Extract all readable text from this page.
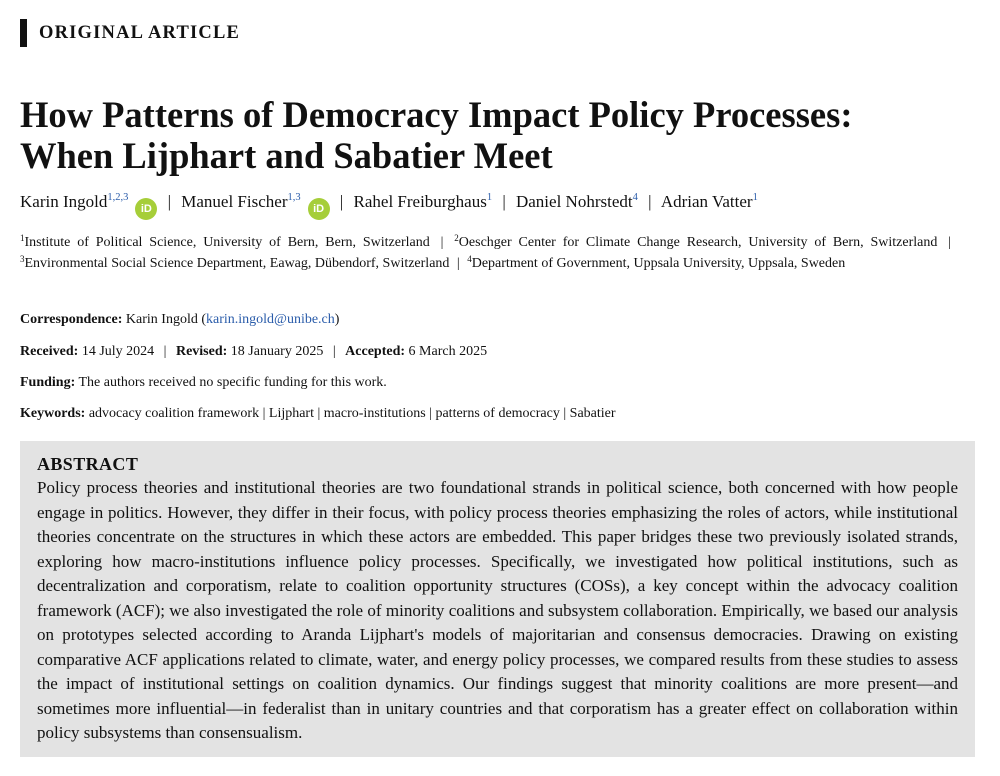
ORIGINAL ARTICLE
How Patterns of Democracy Impact Policy Processes:
When Lijphart and Sabatier Meet
Karin Ingold$^{1,2,3}$iD | Manuel Fischer$^{1,3}$iD | Rahel Freiburghaus$^1$ | Daniel Nohrstedt$^4$ | Adrian Vatter$^1$
$^1$Institute of Political Science, University of Bern, Bern, Switzerland | $^2$Oeschger Center for Climate Change Research, University of Bern, Switzerland | $^3$Environmental Social Science Department, Eawag, Dübendorf, Switzerland | $^4$Department of Government, Uppsala University, Uppsala, Sweden
Correspondence: Karin Ingold (karin.ingold@unibe.ch)
Received: 14 July 2024 | Revised: 18 January 2025 | Accepted: 6 March 2025
Funding: The authors received no specific funding for this work.
Keywords: advocacy coalition framework | Lijphart | macro-institutions | patterns of democracy | Sabatier
ABSTRACT

Policy process theories and institutional theories are two foundational strands in political science, both concerned with how people engage in politics. However, they differ in their focus, with policy process theories emphasizing the roles of actors, while institutional theories concentrate on the structures in which these actors are embedded. This paper bridges these two previously isolated strands, exploring how macro-institutions influence policy processes. Specifically, we investigated how political institutions, such as decentralization and corporatism, relate to coalition opportunity structures (COSs), a key concept within the advocacy coalition framework (ACF); we also investigated the role of minority coalitions and subsystem collaboration. Empirically, we based our analysis on prototypes selected according to Aranda Lijphart's models of majoritarian and consensus democracies. Drawing on existing comparative ACF applications related to climate, water, and energy policy processes, we compared results from these studies to assess the impact of institutional settings on coalition dynamics. Our findings suggest that minority coalitions are more present—and sometimes more influential—in federalist than in unitary countries and that corporatism has a greater effect on collaboration within policy subsystems than consensualism.
